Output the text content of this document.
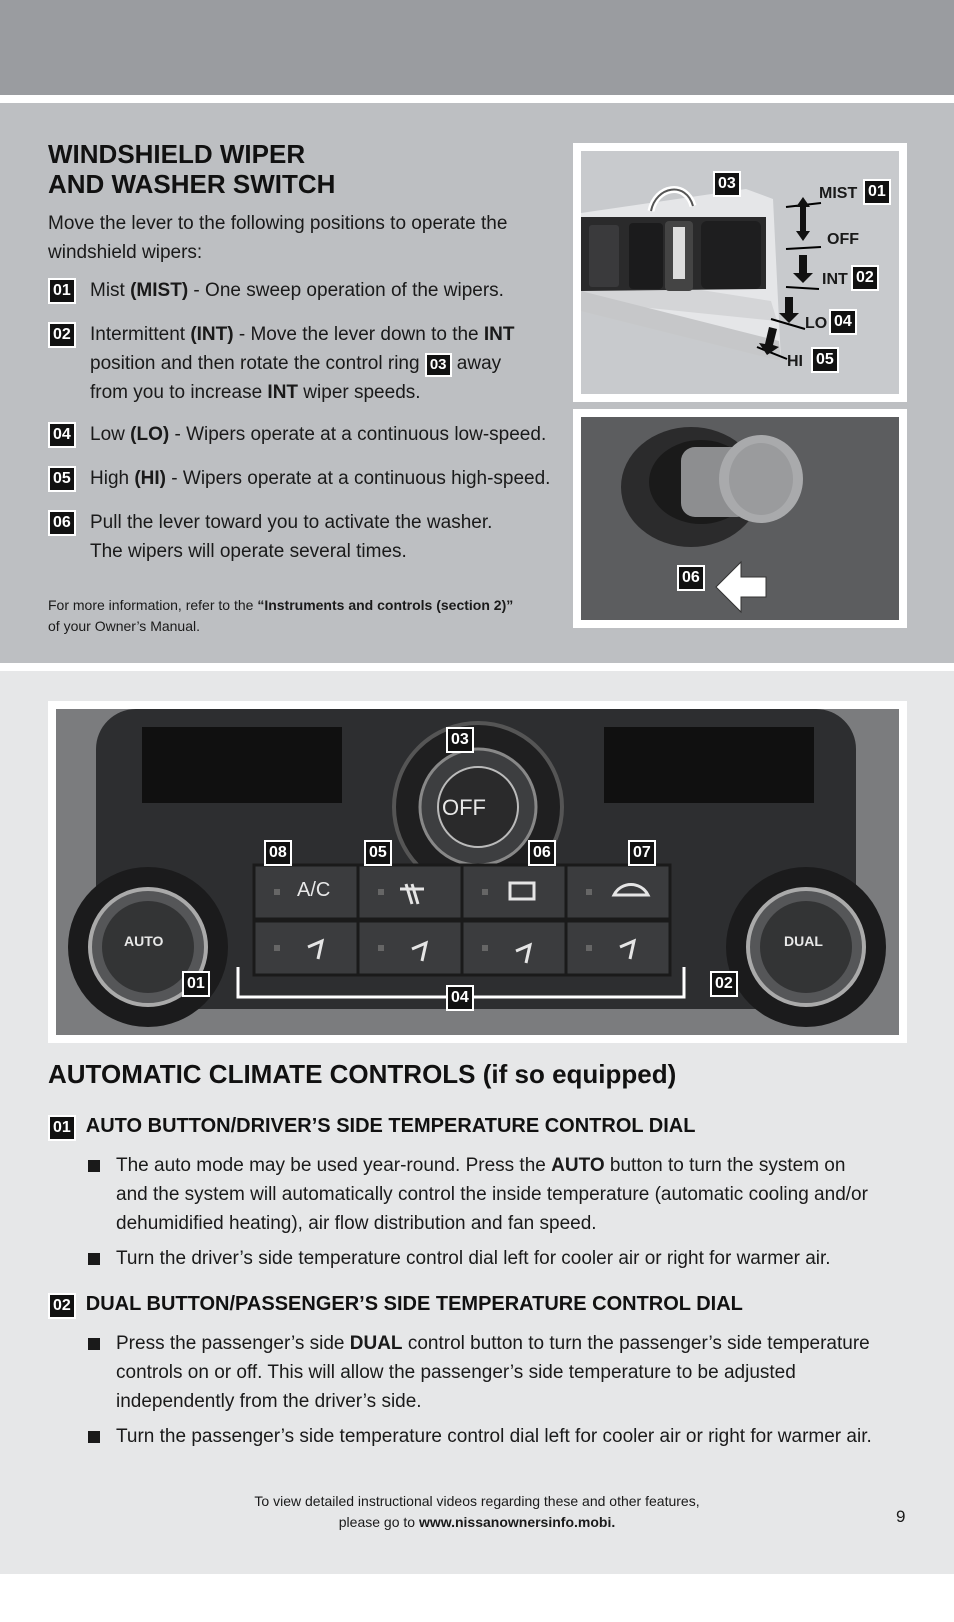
WINDSHIELD WIPER
AND WASHER SWITCH
Move the lever to the following positions to operate the windshield wipers:
01 Mist (MIST) - One sweep operation of the wipers.
02 Intermittent (INT) - Move the lever down to the INT
position and then rotate the control ring 03 away
from you to increase INT wiper speeds.
04 Low (LO) - Wipers operate at a continuous low-speed.
05 High (HI) - Wipers operate at a continuous high-speed.
06 Pull the lever toward you to activate the washer.
The wipers will operate several times.
For more information, refer to the “Instruments and controls (section 2)”
of your Owner’s Manual.
03
MIST 01
OFF
INT 02
LO 04
HI 05
06
OFF
AUTO	DUAL
A/C
03
08	05	06	07
01
04
02
AUTOMATIC CLIMATE CONTROLS (if so equipped)
01 AUTO BUTTON/DRIVER’S SIDE TEMPERATURE CONTROL DIAL
The auto mode may be used year-round. Press the AUTO button to turn the system on
and the system will automatically control the inside temperature (automatic cooling and/or
dehumidified heating), air flow distribution and fan speed.
Turn the driver’s side temperature control dial left for cooler air or right for warmer air.
02 DUAL BUTTON/PASSENGER’S SIDE TEMPERATURE CONTROL DIAL
Press the passenger’s side DUAL control button to turn the passenger’s side temperature
controls on or off. This will allow the passenger’s side temperature to be adjusted
independently from the driver’s side.
Turn the passenger’s side temperature control dial left for cooler air or right for warmer air.
To view detailed instructional videos regarding these and other features,
please go to www.nissanownersinfo.mobi.	9
